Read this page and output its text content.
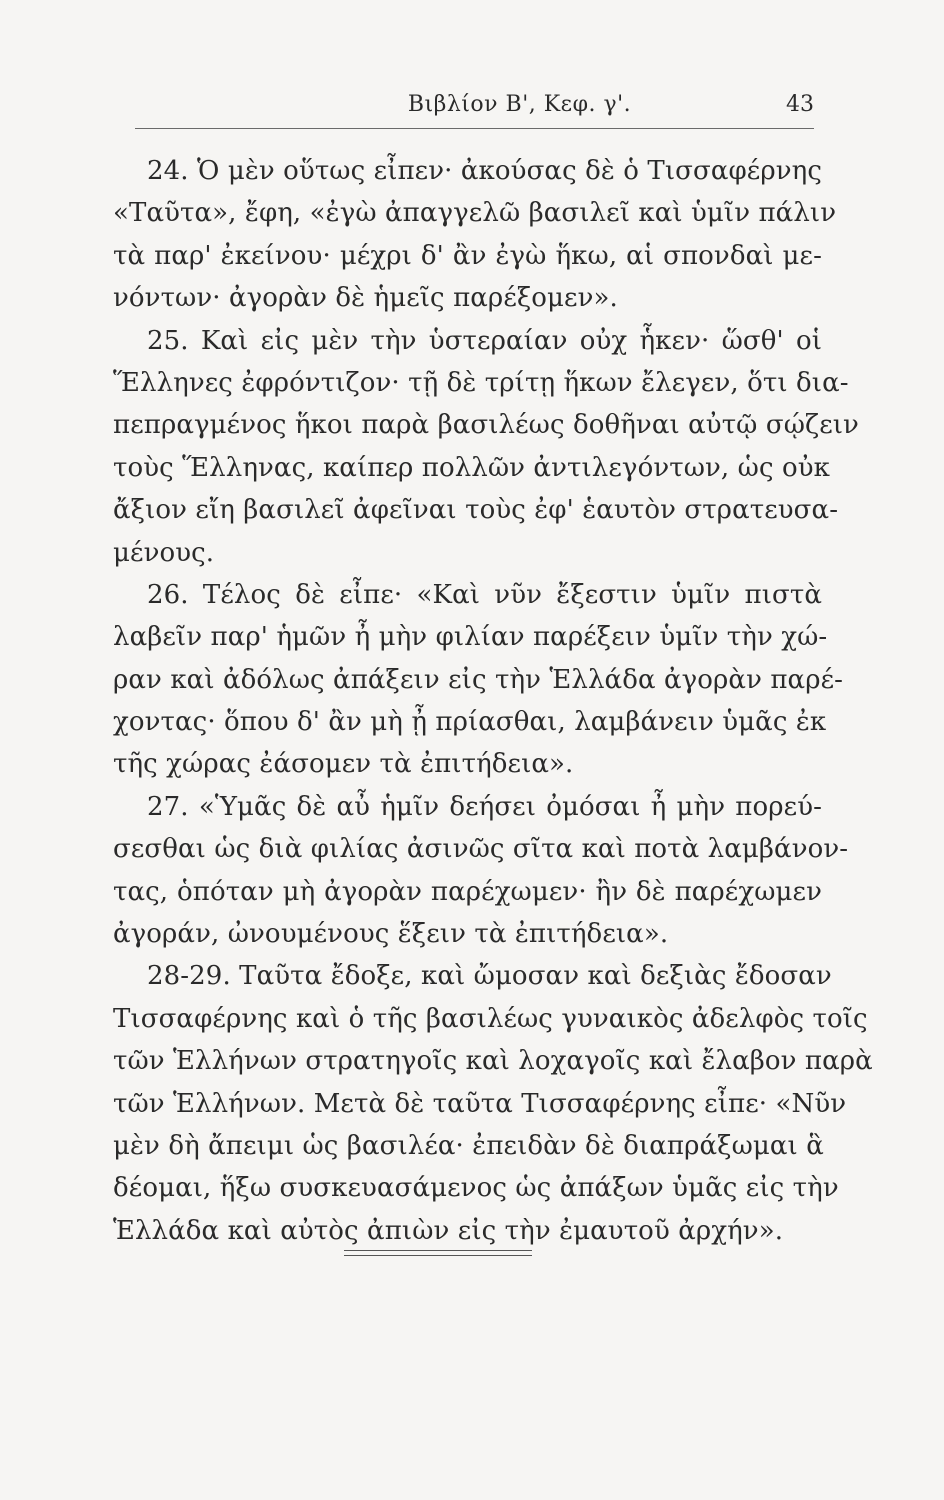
Βιβλίον Β', Κεφ. γ'.	43
24. Ὁ μὲν οὕτως εἶπεν· ἀκούσας δὲ ὁ Τισσαφέρνης
«Ταῦτα», ἔφη, «ἐγὼ ἀπαγγελῶ βασιλεῖ καὶ ὑμῖν πάλιν
τὰ παρ' ἐκείνου· μέχρι δ' ἂν ἐγὼ ἥκω, αἱ σπονδαὶ με-
νόντων· ἀγορὰν δὲ ἡμεῖς παρέξομεν».
25. Καὶ εἰς μὲν τὴν ὑστεραίαν οὐχ ἧκεν· ὥσθ' οἱ
Ἕλληνες ἐφρόντιζον· τῇ δὲ τρίτῃ ἥκων ἔλεγεν, ὅτι δια-
πεπραγμένος ἥκοι παρὰ βασιλέως δοθῆναι αὐτῷ σῴζειν
τοὺς Ἕλληνας, καίπερ πολλῶν ἀντιλεγόντων, ὡς οὐκ
ἄξιον εἴη βασιλεῖ ἀφεῖναι τοὺς ἐφ' ἑαυτὸν στρατευσα-
μένους.
26. Τέλος δὲ εἶπε· «Καὶ νῦν ἔξεστιν ὑμῖν πιστὰ
λαβεῖν παρ' ἡμῶν ἦ μὴν φιλίαν παρέξειν ὑμῖν τὴν χώ-
ραν καὶ ἀδόλως ἀπάξειν εἰς τὴν Ἑλλάδα ἀγορὰν παρέ-
χοντας· ὅπου δ' ἂν μὴ ᾖ πρίασθαι, λαμβάνειν ὑμᾶς ἐκ
τῆς χώρας ἐάσομεν τὰ ἐπιτήδεια».
27. «Ὑμᾶς δὲ αὖ ἡμῖν δεήσει ὀμόσαι ἦ μὴν πορεύ-
σεσθαι ὡς διὰ φιλίας ἀσινῶς σῖτα καὶ ποτὰ λαμβάνον-
τας, ὁπόταν μὴ ἀγορὰν παρέχωμεν· ἢν δὲ παρέχωμεν
ἀγοράν, ὠνουμένους ἕξειν τὰ ἐπιτήδεια».
28-29. Ταῦτα ἔδοξε, καὶ ὤμοσαν καὶ δεξιὰς ἔδοσαν
Τισσαφέρνης καὶ ὁ τῆς βασιλέως γυναικὸς ἀδελφὸς τοῖς
τῶν Ἑλλήνων στρατηγοῖς καὶ λοχαγοῖς καὶ ἔλαβον παρὰ
τῶν Ἑλλήνων. Μετὰ δὲ ταῦτα Τισσαφέρνης εἶπε· «Νῦν
μὲν δὴ ἄπειμι ὡς βασιλέα· ἐπειδὰν δὲ διαπράξωμαι ἃ
δέομαι, ἥξω συσκευασάμενος ὡς ἀπάξων ὑμᾶς εἰς τὴν
Ἑλλάδα καὶ αὐτὸς ἀπιὼν εἰς τὴν ἐμαυτοῦ ἀρχήν».
